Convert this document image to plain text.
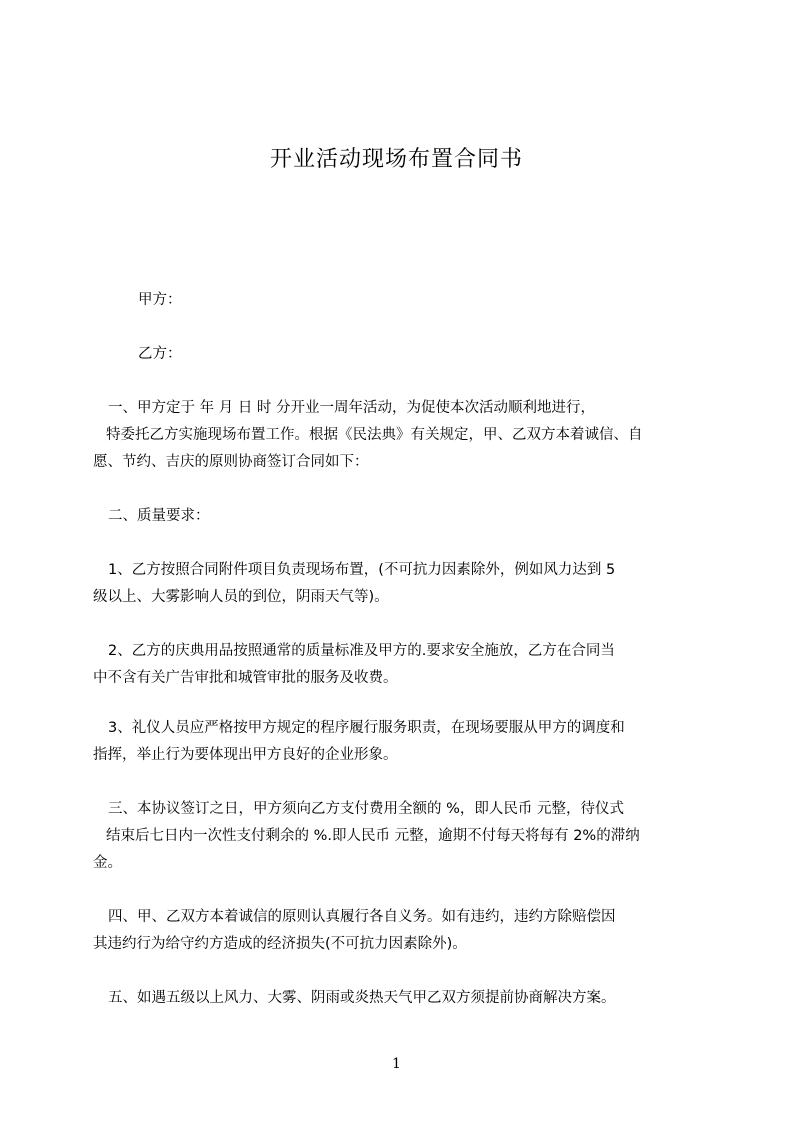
开业活动现场布置合同书
甲方：
乙方：
一、甲方定于 年 月 日 时 分开业一周年活动，为促使本次活动顺利地进行，
特委托乙方实施现场布置工作。根据《民法典》有关规定，甲、乙双方本着诚信、自
愿、节约、吉庆的原则协商签订合同如下：
二、质量要求：
1、乙方按照合同附件项目负责现场布置，(不可抗力因素除外，例如风力达到 5
级以上、大雾影响人员的到位，阴雨天气等)。
2、乙方的庆典用品按照通常的质量标准及甲方的.要求安全施放，乙方在合同当
中不含有关广告审批和城管审批的服务及收费。
3、礼仪人员应严格按甲方规定的程序履行服务职责，在现场要服从甲方的调度和
指挥，举止行为要体现出甲方良好的企业形象。
三、本协议签订之日，甲方须向乙方支付费用全额的 %，即人民币 元整，待仪式
结束后七日内一次性支付剩余的 %.即人民币 元整，逾期不付每天将每有 2%的滞纳
金。
四、甲、乙双方本着诚信的原则认真履行各自义务。如有违约，违约方除赔偿因
其违约行为给守约方造成的经济损失(不可抗力因素除外)。
五、如遇五级以上风力、大雾、阴雨或炎热天气甲乙双方须提前协商解决方案。
1
